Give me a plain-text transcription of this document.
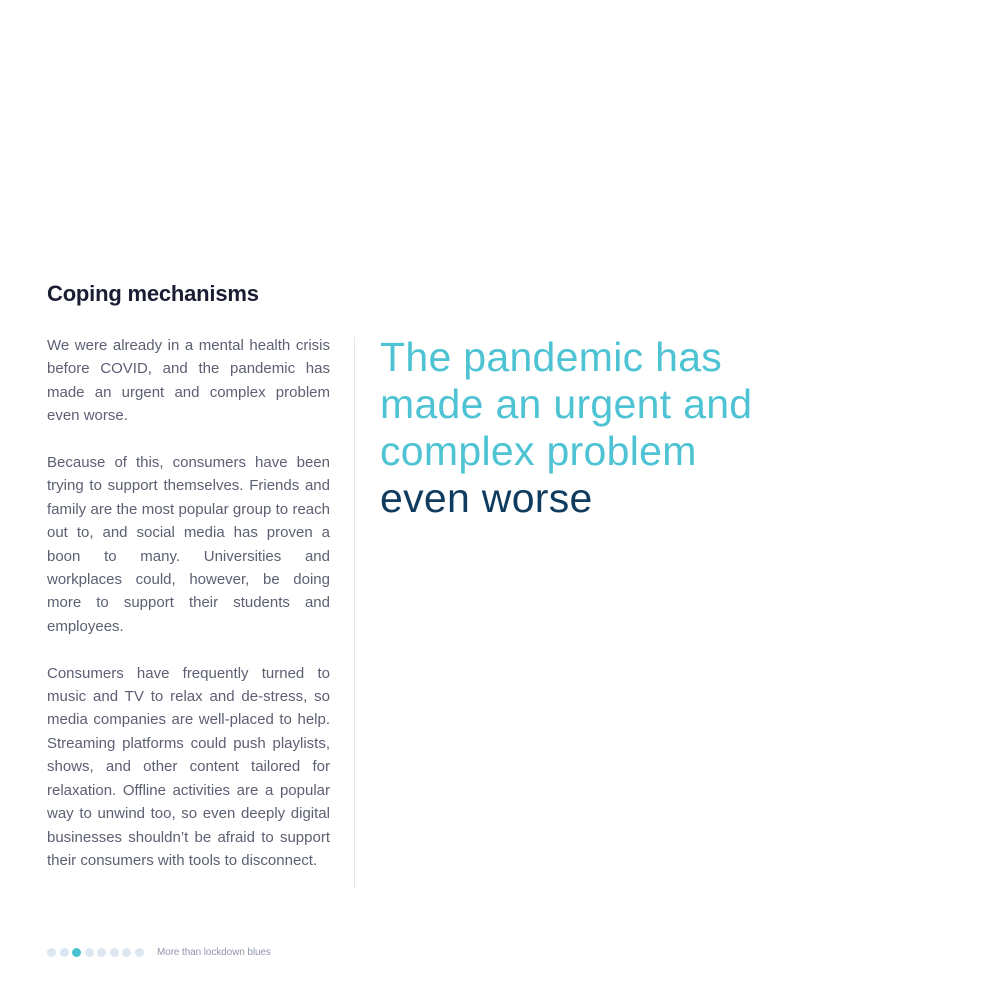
Coping mechanisms

We were already in a mental health crisis before COVID, and the pandemic has made an urgent and complex problem even worse.

Because of this, consumers have been trying to support themselves. Friends and family are the most popular group to reach out to, and social media has proven a boon to many. Universities and workplaces could, however, be doing more to support their students and employees.

Consumers have frequently turned to music and TV to relax and de-stress, so media companies are well-placed to help. Streaming platforms could push playlists, shows, and other content tailored for relaxation. Offline activities are a popular way to unwind too, so even deeply digital businesses shouldn’t be afraid to support their consumers with tools to disconnect.

The pandemic has
made an urgent and
complex problem
even worse
More than lockdown blues
